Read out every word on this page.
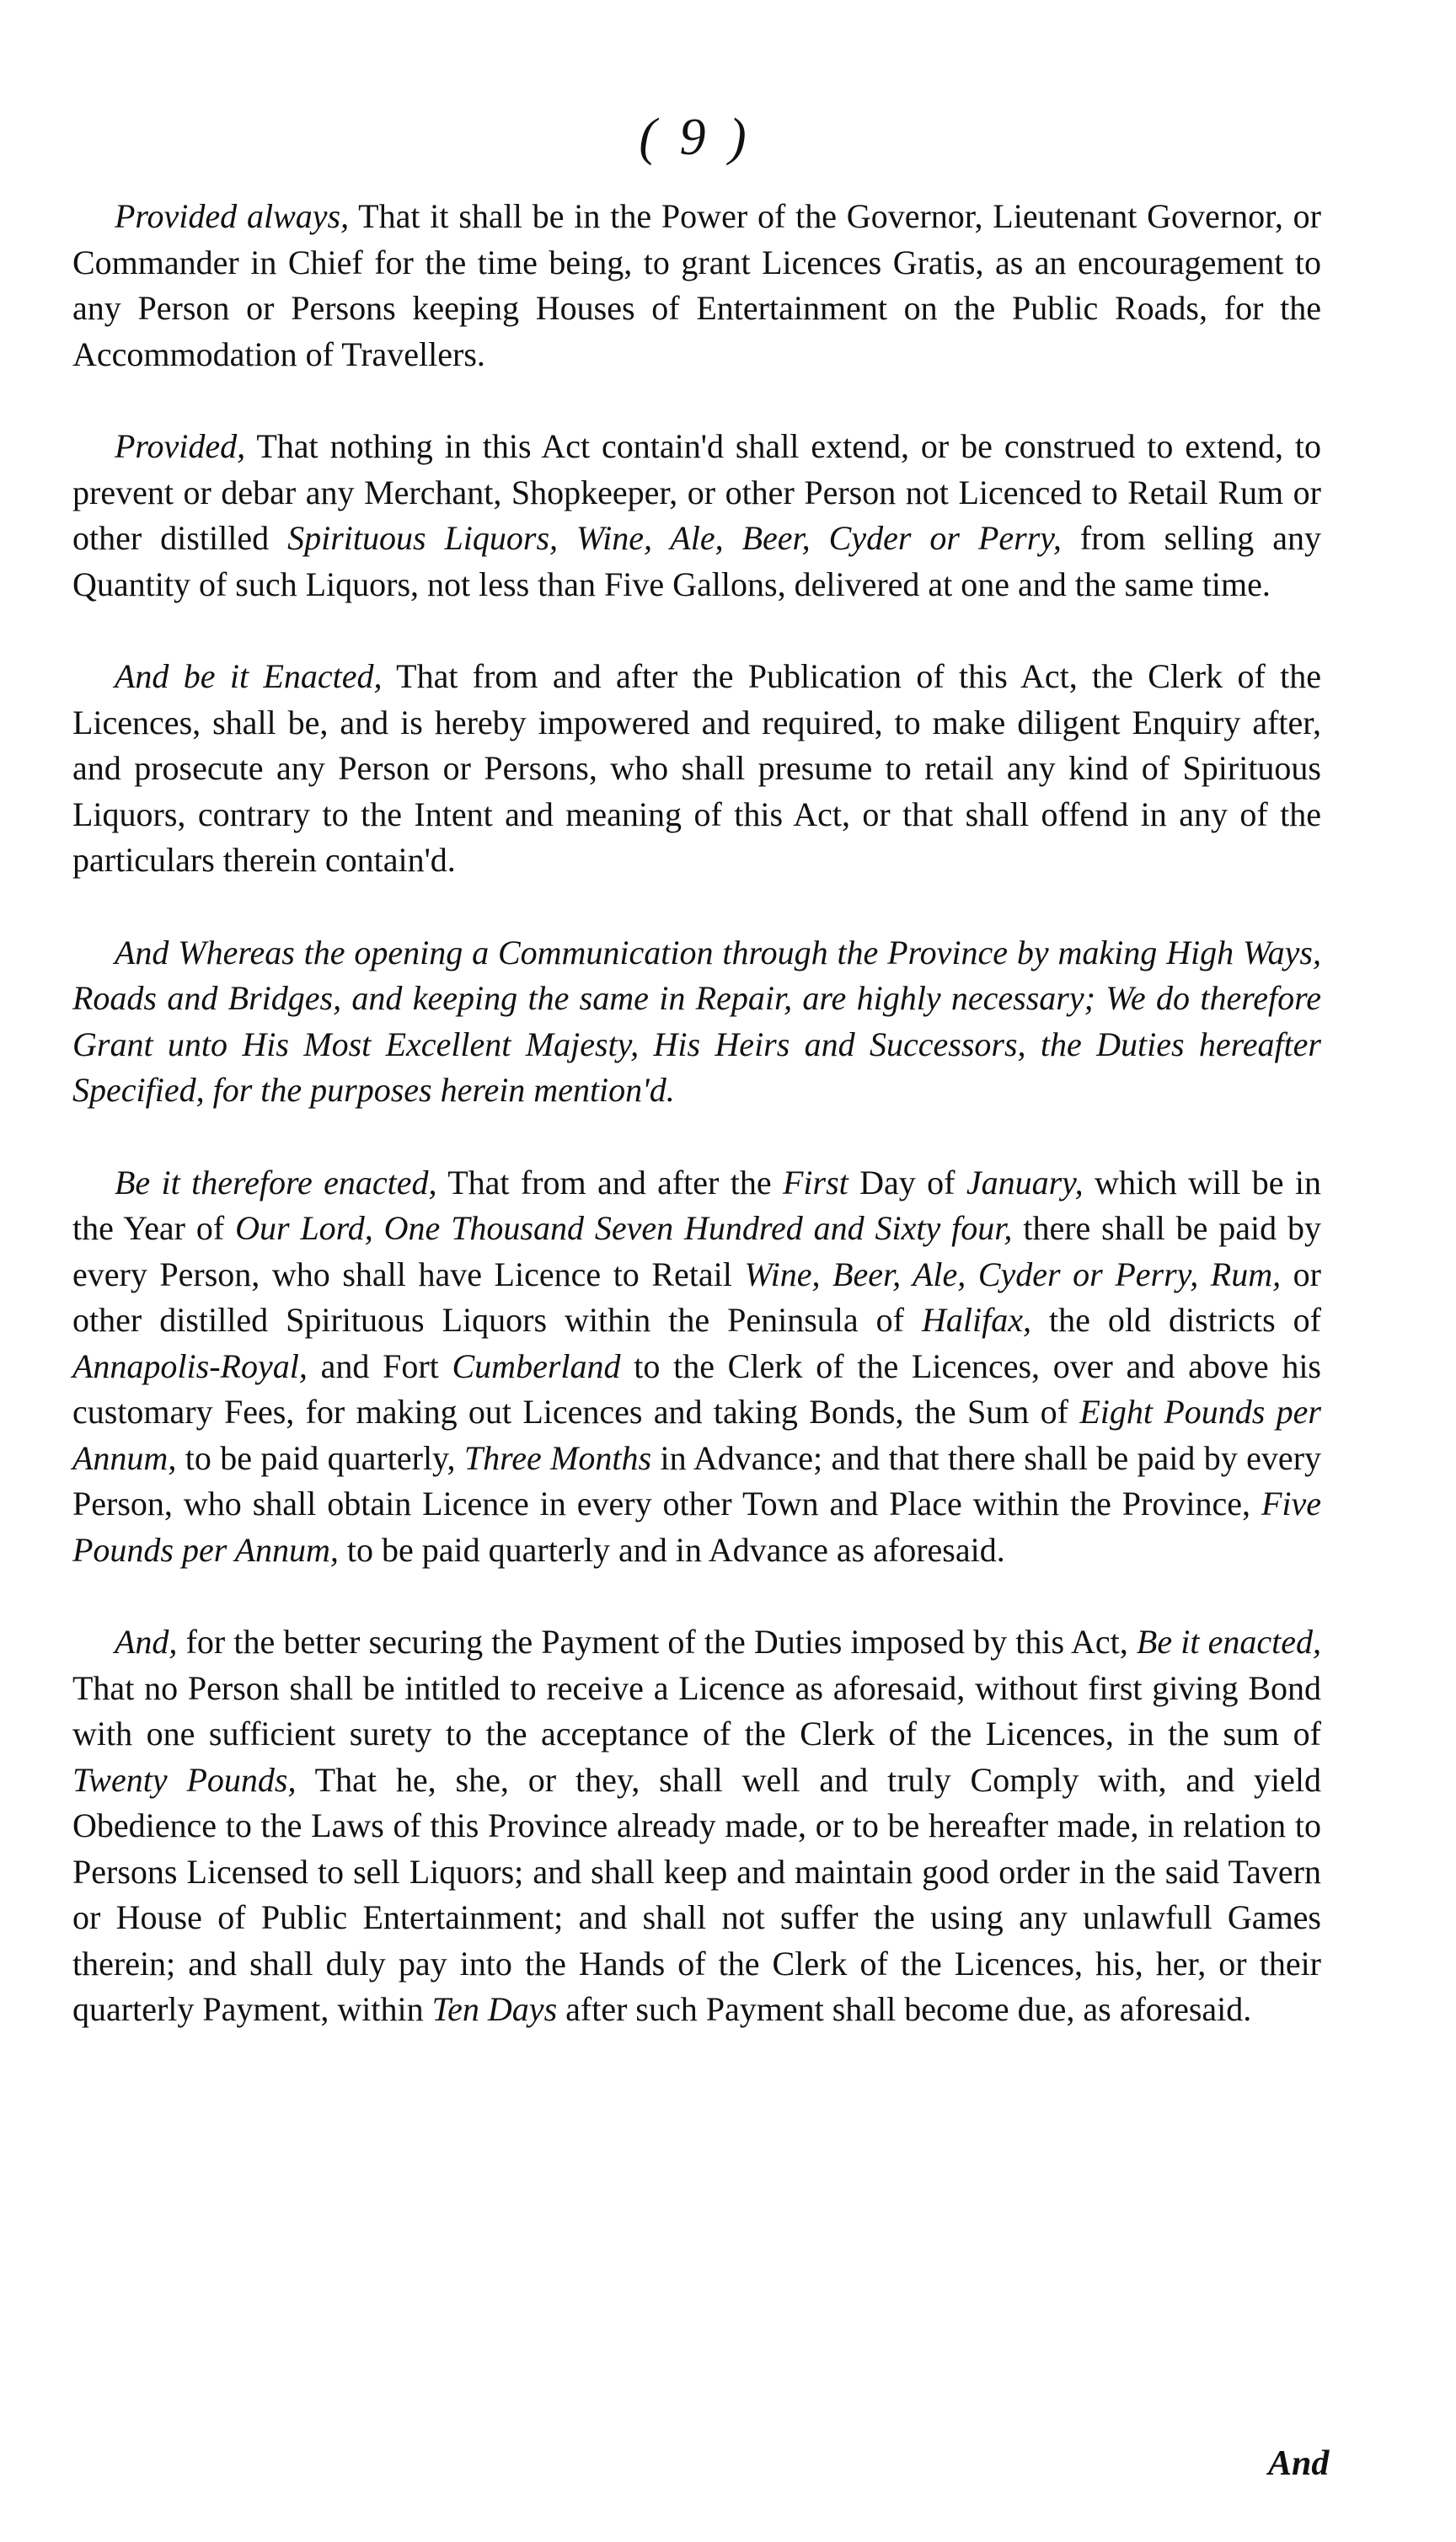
( 9 )

Provided always, That it shall be in the Power of the Governor, Lieutenant Governor, or Commander in Chief for the time being, to grant Licences Gratis, as an encouragement to any Person or Persons keeping Houses of Entertainment on the Public Roads, for the Accommodation of Travellers.

Provided, That nothing in this Act contain'd shall extend, or be construed to extend, to prevent or debar any Merchant, Shopkeeper, or other Person not Licenced to Retail Rum or other distilled Spirituous Liquors, Wine, Ale, Beer, Cyder or Perry, from selling any Quantity of such Liquors, not less than Five Gallons, delivered at one and the same time.

And be it Enacted, That from and after the Publication of this Act, the Clerk of the Licences, shall be, and is hereby impowered and required, to make diligent Enquiry after, and prosecute any Person or Persons, who shall presume to retail any kind of Spirituous Liquors, contrary to the Intent and meaning of this Act, or that shall offend in any of the particulars therein contain'd.

And Whereas the opening a Communication through the Province by making High Ways, Roads and Bridges, and keeping the same in Repair, are highly necessary; We do therefore Grant unto His Most Excellent Majesty, His Heirs and Successors, the Duties hereafter Specified, for the purposes herein mention'd.

Be it therefore enacted, That from and after the First Day of January, which will be in the Year of Our Lord, One Thousand Seven Hundred and Sixty four, there shall be paid by every Person, who shall have Licence to Retail Wine, Beer, Ale, Cyder or Perry, Rum, or other distilled Spirituous Liquors within the Peninsula of Halifax, the old districts of Annapolis-Royal, and Fort Cumberland to the Clerk of the Licences, over and above his customary Fees, for making out Licences and taking Bonds, the Sum of Eight Pounds per Annum, to be paid quarterly, Three Months in Advance; and that there shall be paid by every Person, who shall obtain Licence in every other Town and Place within the Province, Five Pounds per Annum, to be paid quarterly and in Advance as aforesaid.

And, for the better securing the Payment of the Duties imposed by this Act, Be it enacted, That no Person shall be intitled to receive a Licence as aforesaid, without first giving Bond with one sufficient surety to the acceptance of the Clerk of the Licences, in the sum of Twenty Pounds, That he, she, or they, shall well and truly Comply with, and yield Obedience to the Laws of this Province already made, or to be hereafter made, in relation to Persons Licensed to sell Liquors; and shall keep and maintain good order in the said Tavern or House of Public Entertainment; and shall not suffer the using any unlawfull Games therein; and shall duly pay into the Hands of the Clerk of the Licences, his, her, or their quarterly Payment, within Ten Days after such Payment shall become due, as aforesaid.

And
